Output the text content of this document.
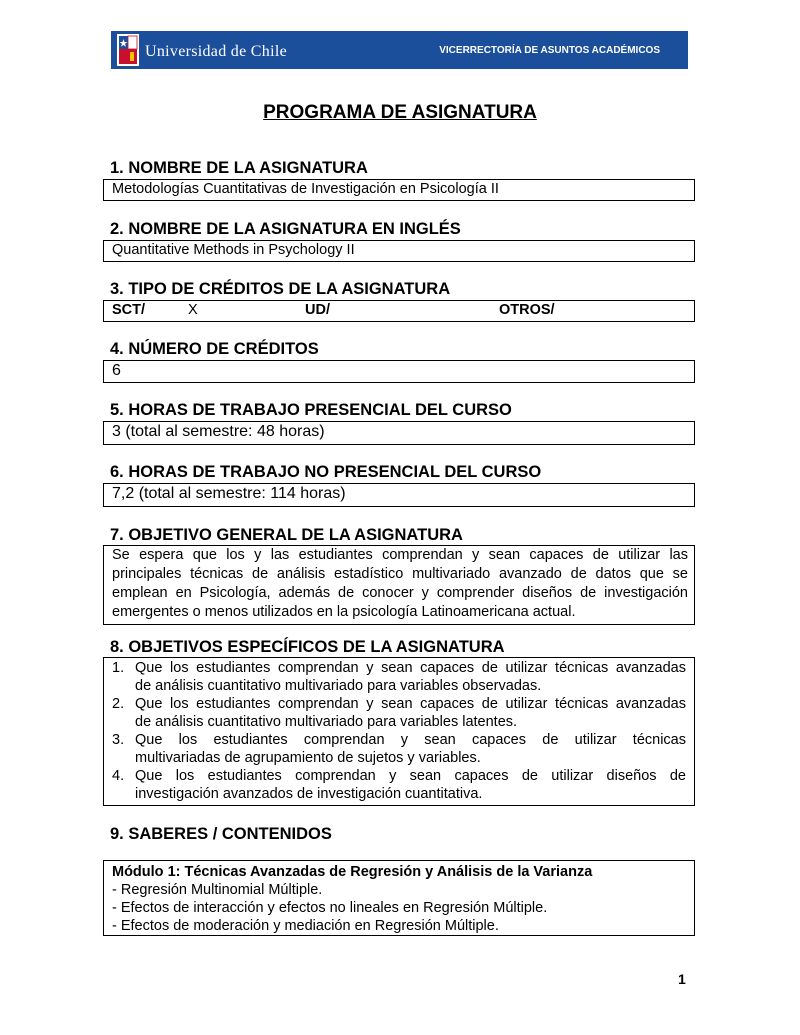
Universidad de Chile	VICERRECTORÍA DE ASUNTOS ACADÉMICOS
PROGRAMA DE ASIGNATURA
1. NOMBRE DE LA ASIGNATURA
Metodologías Cuantitativas de Investigación en Psicología II
2. NOMBRE DE LA ASIGNATURA EN INGLÉS
Quantitative Methods in Psychology II
3. TIPO DE CRÉDITOS DE LA ASIGNATURA
SCT/	X	UD/	OTROS/
4. NÚMERO DE CRÉDITOS
6
5. HORAS DE TRABAJO PRESENCIAL DEL CURSO
3 (total al semestre: 48 horas)
6. HORAS DE TRABAJO NO PRESENCIAL DEL CURSO
7,2 (total al semestre: 114 horas)
7. OBJETIVO GENERAL DE LA ASIGNATURA
Se espera que los y las estudiantes comprendan y sean capaces de utilizar las
principales técnicas de análisis estadístico multivariado avanzado de datos que se
emplean en Psicología, además de conocer y comprender diseños de investigación
emergentes o menos utilizados en la psicología Latinoamericana actual.
8. OBJETIVOS ESPECÍFICOS DE LA ASIGNATURA
1. Que los estudiantes comprendan y sean capaces de utilizar técnicas avanzadas
de análisis cuantitativo multivariado para variables observadas.
2. Que los estudiantes comprendan y sean capaces de utilizar técnicas avanzadas
de análisis cuantitativo multivariado para variables latentes.
3. Que los estudiantes comprendan y sean capaces de utilizar técnicas
multivariadas de agrupamiento de sujetos y variables.
4. Que los estudiantes comprendan y sean capaces de utilizar diseños de
investigación avanzados de investigación cuantitativa.
9. SABERES / CONTENIDOS
Módulo 1: Técnicas Avanzadas de Regresión y Análisis de la Varianza
- Regresión Multinomial Múltiple.
- Efectos de interacción y efectos no lineales en Regresión Múltiple.
- Efectos de moderación y mediación en Regresión Múltiple.
1
